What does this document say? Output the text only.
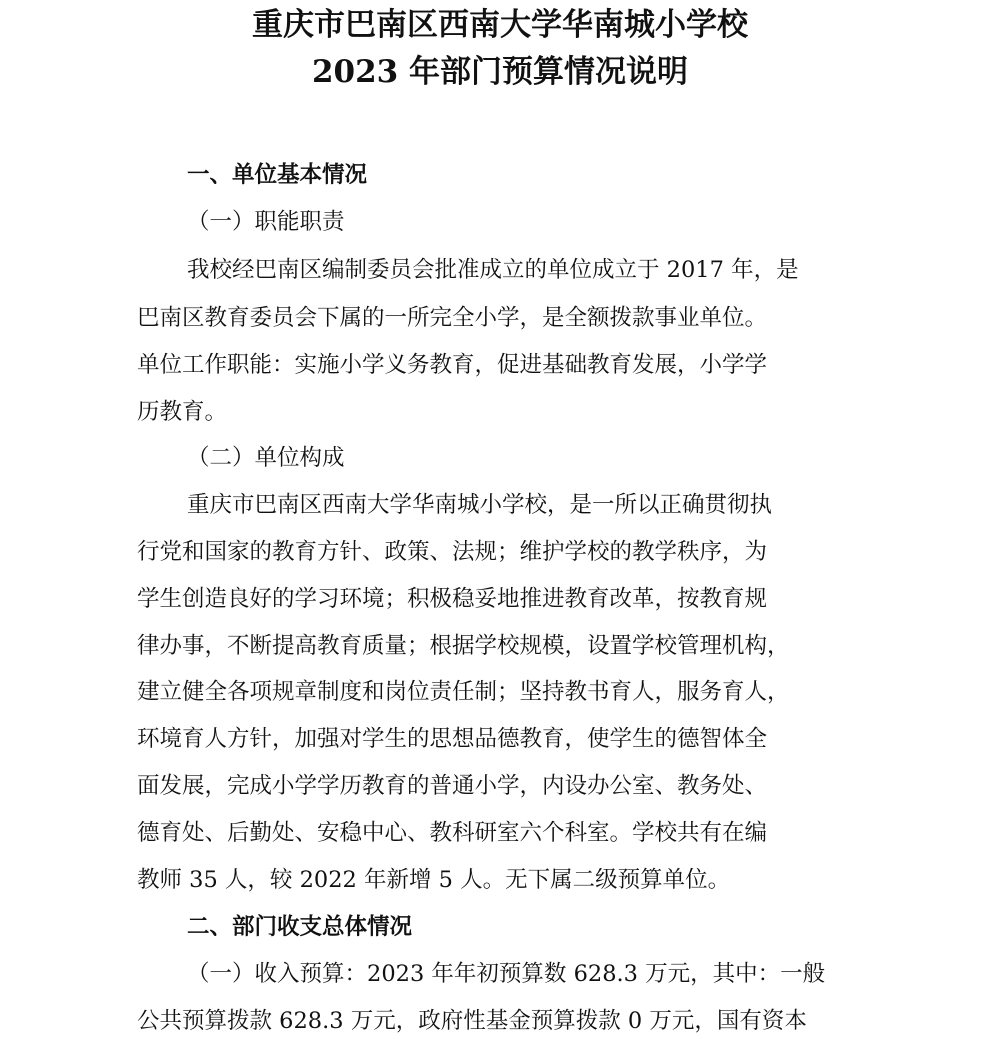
重庆市巴南区西南大学华南城小学校
2023 年部门预算情况说明
一、单位基本情况
（一）职能职责
我校经巴南区编制委员会批准成立的单位成立于 2017 年，是
巴南区教育委员会下属的一所完全小学，是全额拨款事业单位。
单位工作职能：实施小学义务教育，促进基础教育发展，小学学
历教育。
（二）单位构成
重庆市巴南区西南大学华南城小学校，是一所以正确贯彻执
行党和国家的教育方针、政策、法规；维护学校的教学秩序，为
学生创造良好的学习环境；积极稳妥地推进教育改革，按教育规
律办事，不断提高教育质量；根据学校规模，设置学校管理机构，
建立健全各项规章制度和岗位责任制；坚持教书育人，服务育人，
环境育人方针，加强对学生的思想品德教育，使学生的德智体全
面发展，完成小学学历教育的普通小学，内设办公室、教务处、
德育处、后勤处、安稳中心、教科研室六个科室。学校共有在编
教师 35 人，较 2022 年新增 5 人。无下属二级预算单位。
二、部门收支总体情况
（一）收入预算：2023 年年初预算数 628.3 万元，其中：一般
公共预算拨款 628.3 万元，政府性基金预算拨款 0 万元，国有资本
